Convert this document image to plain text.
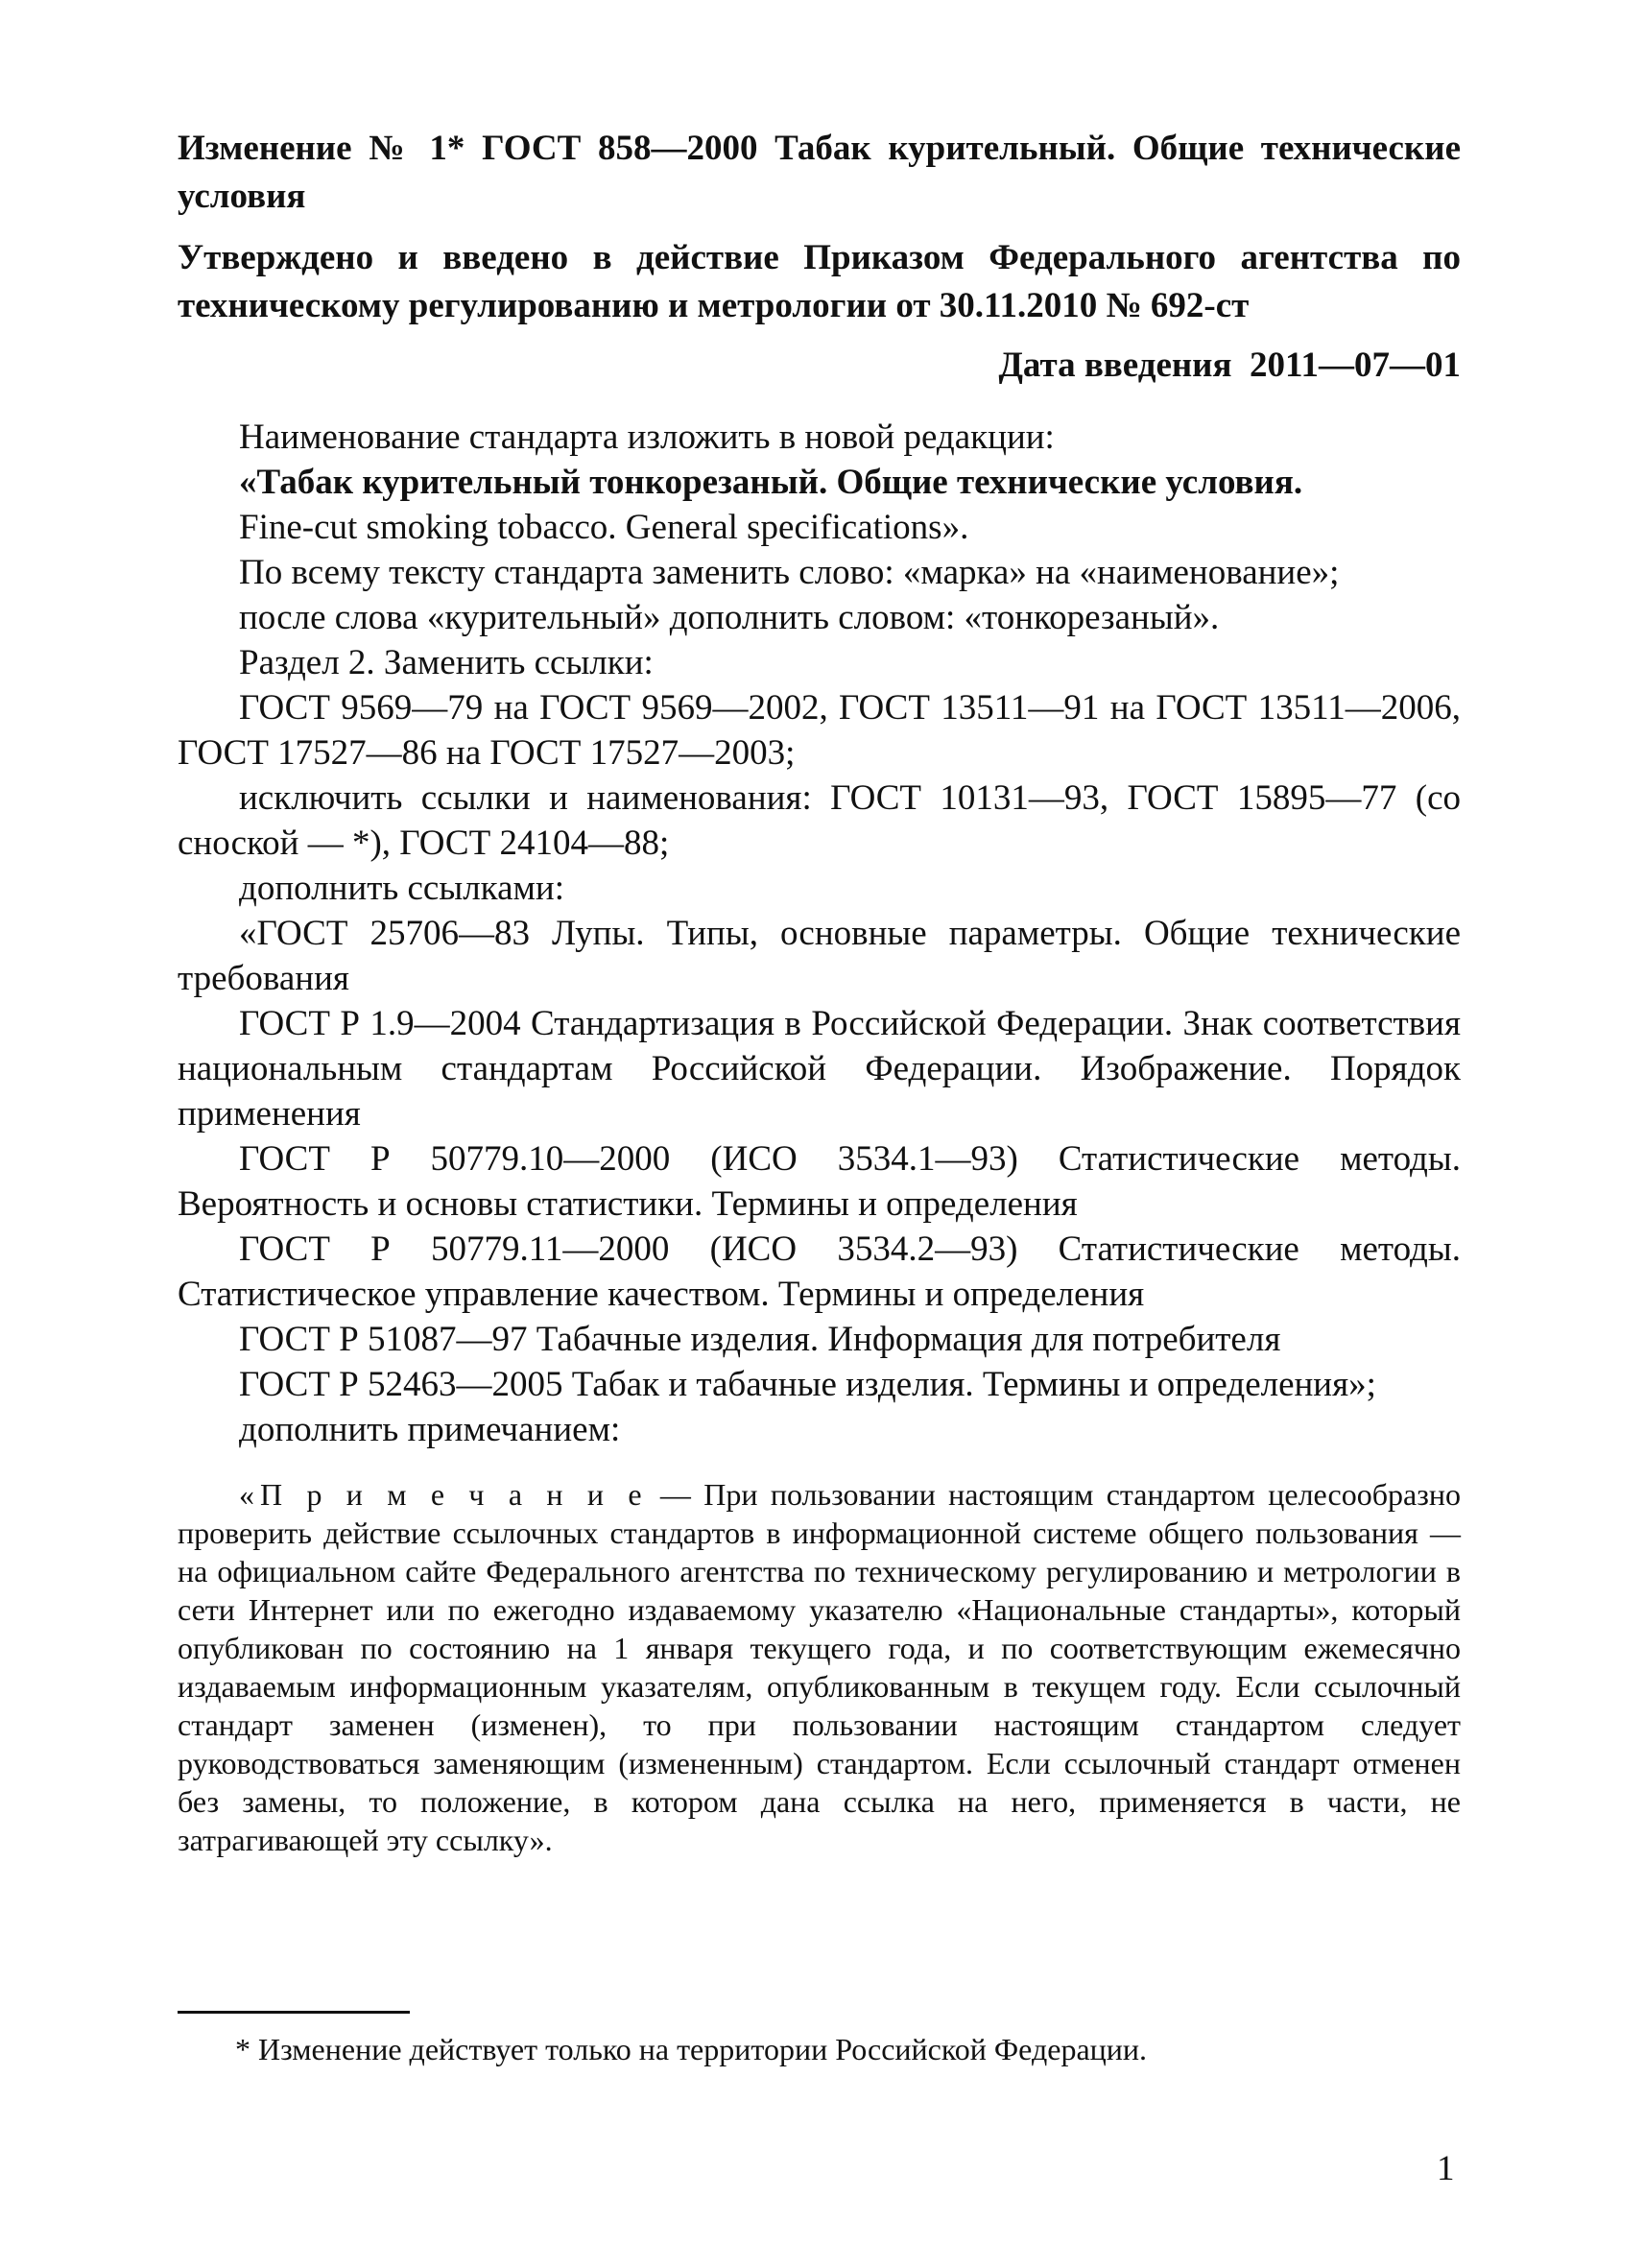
Изменение № 1* ГОСТ 858—2000 Табак курительный. Общие технические условия
Утверждено и введено в действие Приказом Федерального агентства по техническому регулированию и метрологии от 30.11.2010 № 692-ст
Дата введения 2011—07—01

Наименование стандарта изложить в новой редакции:

«Табак курительный тонкорезаный. Общие технические условия.

Fine-cut smoking tobacco. General specifications».

По всему тексту стандарта заменить слово: «марка» на «наименование»;

после слова «курительный» дополнить словом: «тонкорезаный».

Раздел 2. Заменить ссылки:

ГОСТ 9569—79 на ГОСТ 9569—2002, ГОСТ 13511—91 на ГОСТ 13511—2006, ГОСТ 17527—86 на ГОСТ 17527—2003;

исключить ссылки и наименования: ГОСТ 10131—93, ГОСТ 15895—77 (со сноской — *), ГОСТ 24104—88;

дополнить ссылками:

«ГОСТ 25706—83 Лупы. Типы, основные параметры. Общие технические требования

ГОСТ Р 1.9—2004 Стандартизация в Российской Федерации. Знак соответствия национальным стандартам Российской Федерации. Изображение. Порядок применения

ГОСТ Р 50779.10—2000 (ИСО 3534.1—93) Статистические методы. Вероятность и основы статистики. Термины и определения

ГОСТ Р 50779.11—2000 (ИСО 3534.2—93) Статистические методы. Статистическое управление качеством. Термины и определения

ГОСТ Р 51087—97 Табачные изделия. Информация для потребителя

ГОСТ Р 52463—2005 Табак и табачные изделия. Термины и определения»;

дополнить примечанием:

«П р и м е ч а н и е — При пользовании настоящим стандартом целесообразно проверить действие ссылочных стандартов в информационной системе общего пользования — на официальном сайте Федерального агентства по техническому регулированию и метрологии в сети Интернет или по ежегодно издаваемому указателю «Национальные стандарты», который опубликован по состоянию на 1 января текущего года, и по соответствующим ежемесячно издаваемым информационным указателям, опубликованным в текущем году. Если ссылочный стандарт заменен (изменен), то при пользовании настоящим стандартом следует руководствоваться заменяющим (измененным) стандартом. Если ссылочный стандарт отменен без замены, то положение, в котором дана ссылка на него, применяется в части, не затрагивающей эту ссылку».
* Изменение действует только на территории Российской Федерации.
1
